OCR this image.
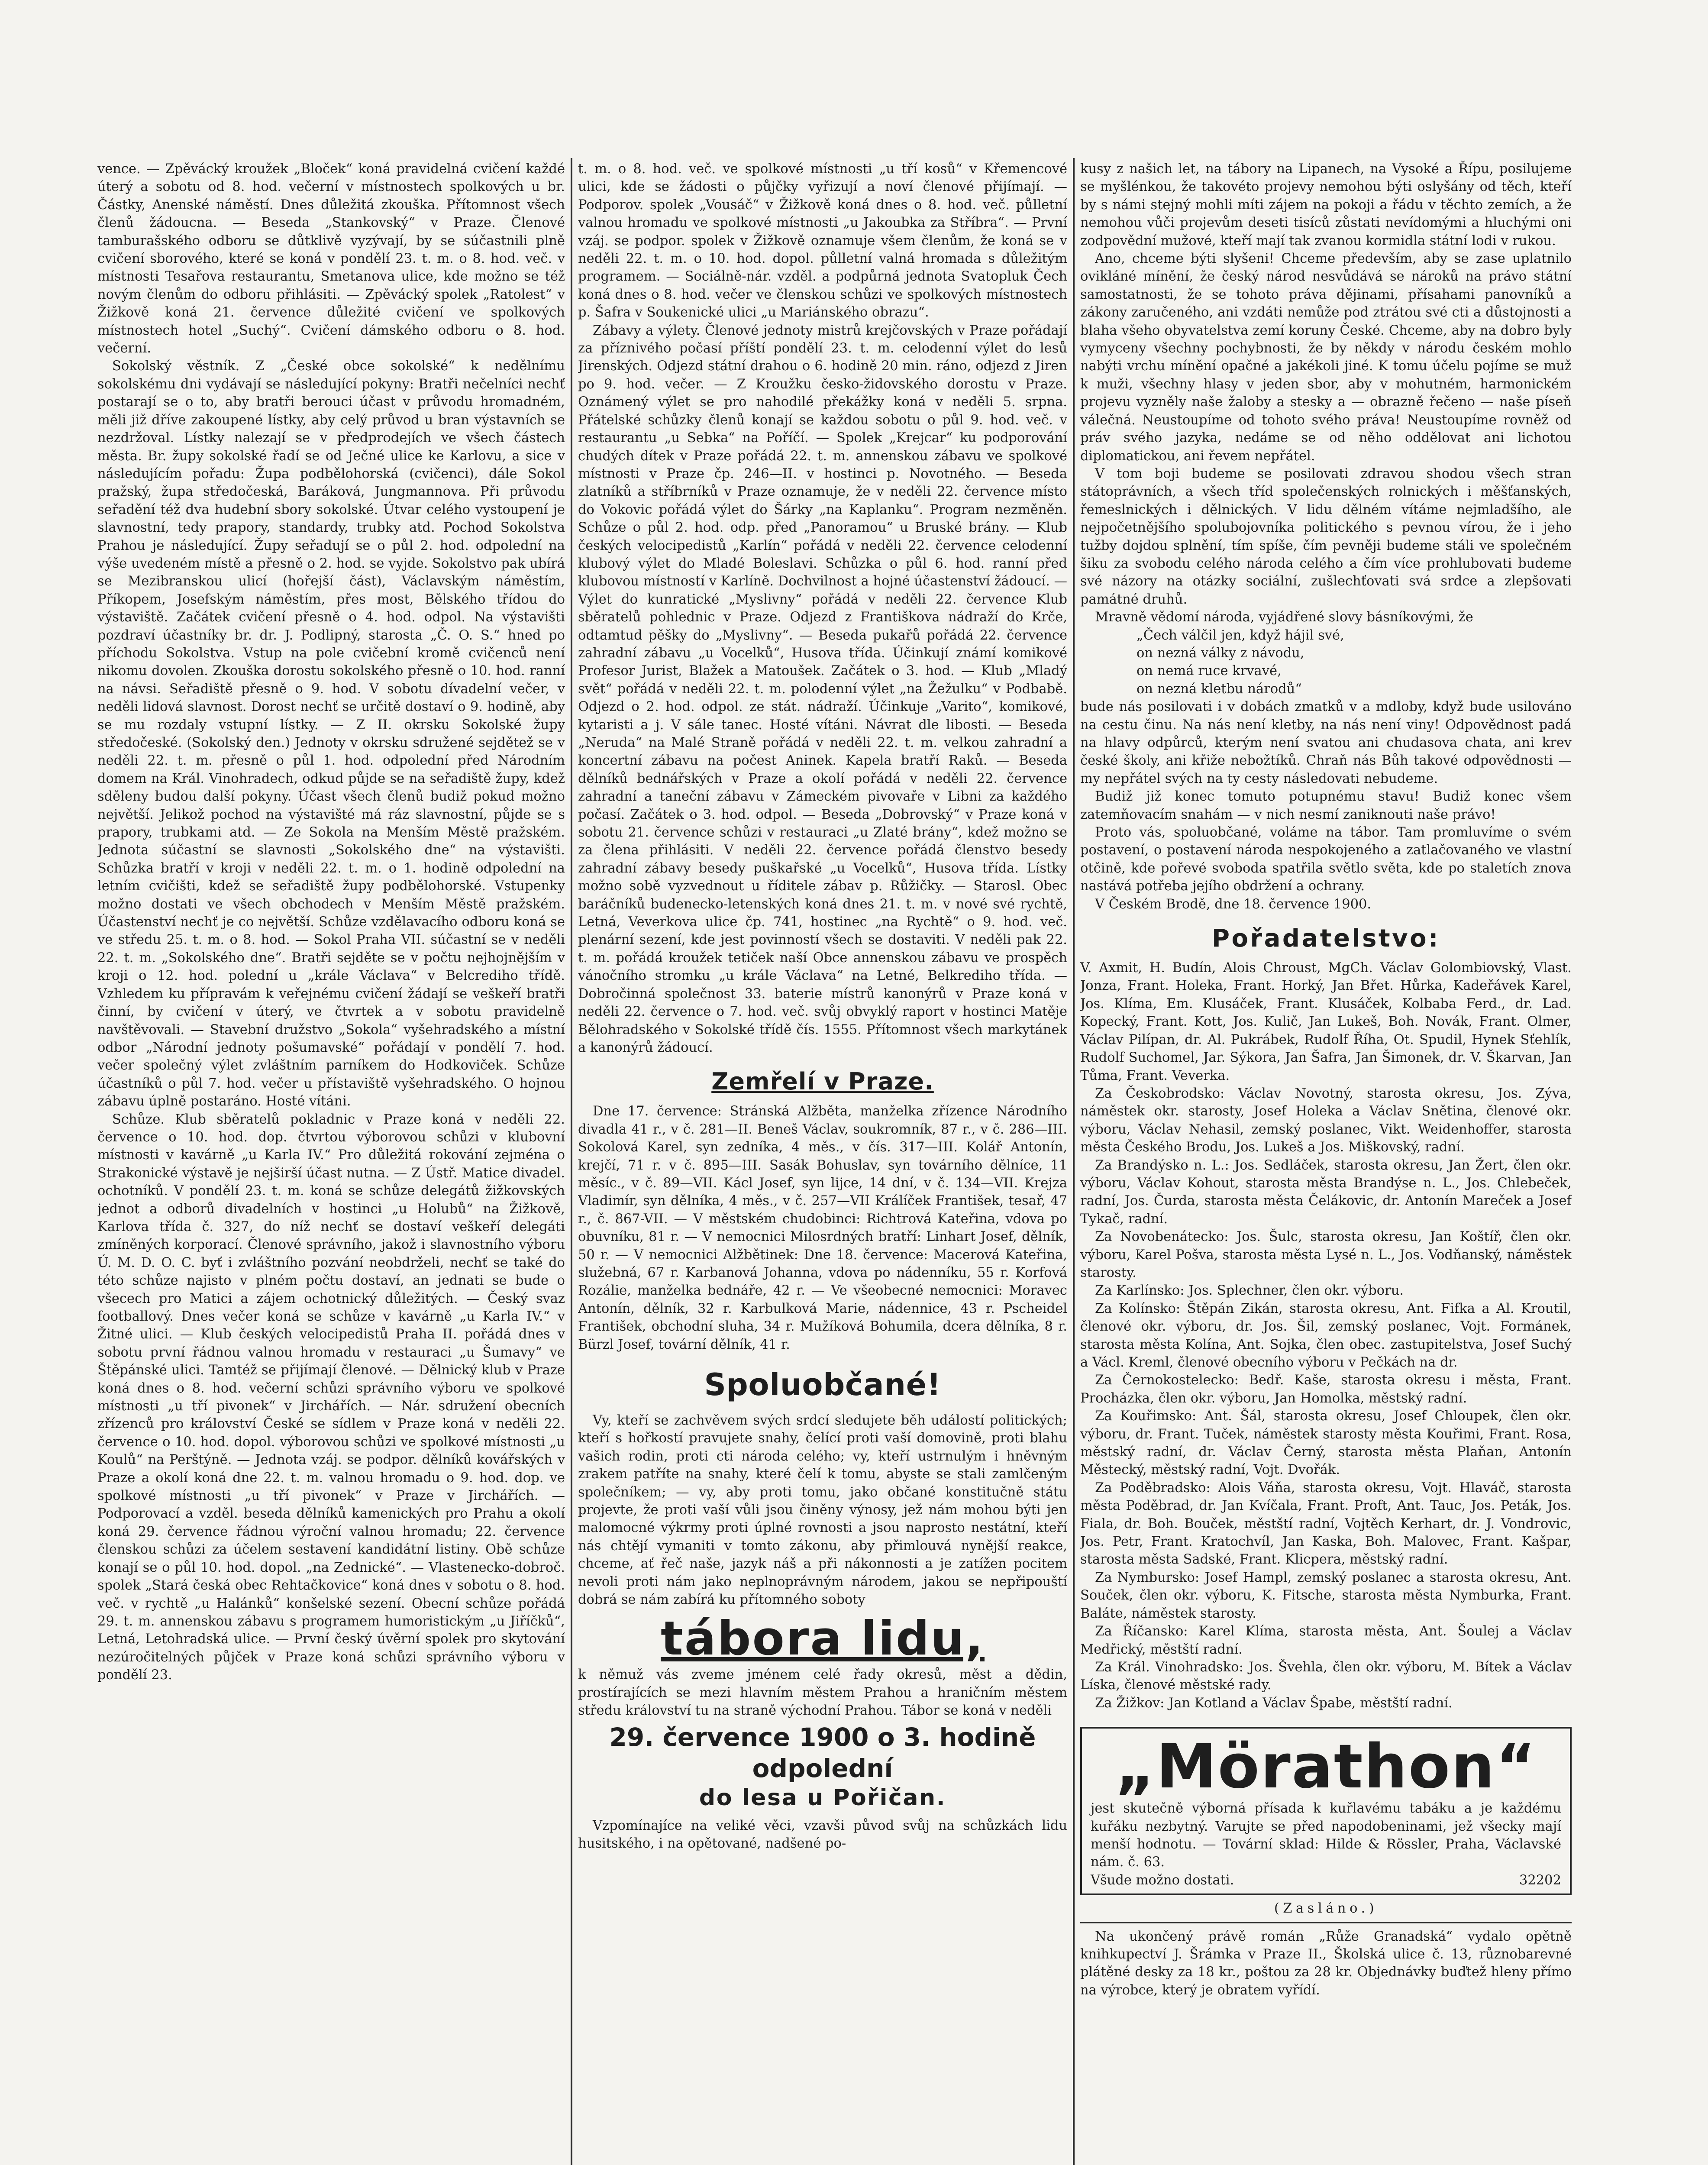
vence. — Zpěvácký kroužek „Bloček“ koná pravidelná cvičení každé úterý a sobotu od 8. hod. večerní v místnostech spolkových u br. Částky, Anenské náměstí. Dnes důležitá zkouška. Přítomnost všech členů žádoucna. — Beseda „Stankovský“ v Praze. Členové tamburašského odboru se důtklivě vyzývají, by se súčastnili plně cvičení sborového, které se koná v pondělí 23. t. m. o 8. hod. več. v místnosti Tesařova restaurantu, Smetanova ulice, kde možno se též novým členům do odboru přihlásiti. — Zpěvácký spolek „Ratolest“ v Žižkově koná 21. července důležité cvičení ve spolkových místnostech hotel „Suchý“. Cvičení dámského odboru o 8. hod. večerní.

Sokolský věstník. Z „České obce sokolské“ k nedělnímu sokolskému dni vydávají se následující pokyny: Bratři nečelníci nechť postarají se o to, aby bratři berouci účast v průvodu hromadném, měli již dříve zakoupené lístky, aby celý průvod u bran výstavních se nezdržoval. Lístky nalezají se v předprodejích ve všech částech města. Br. župy sokolské řadí se od Ječné ulice ke Karlovu, a sice v následujícím pořadu: Župa podbělohorská (cvičenci), dále Sokol pražský, župa středočeská, Baráková, Jungmannova. Při průvodu seřadění též dva hudební sbory sokolské. Útvar celého vystoupení je slavnostní, tedy prapory, standardy, trubky atd. Pochod Sokolstva Prahou je následující. Župy seřadují se o půl 2. hod. odpolední na výše uvedeném místě a přesně o 2. hod. se vyjde. Sokolstvo pak ubírá se Mezibranskou ulicí (hořejší část), Václavským náměstím, Příkopem, Josefským náměstím, přes most, Bělského třídou do výstaviště. Začátek cvičení přesně o 4. hod. odpol. Na výstavišti pozdraví účastníky br. dr. J. Podlipný, starosta „Č. O. S.“ hned po příchodu Sokolstva. Vstup na pole cvičební kromě cvičenců není nikomu dovolen. Zkouška dorostu sokolského přesně o 10. hod. ranní na návsi. Seřadiště přesně o 9. hod. V sobotu dívadelní večer, v neděli lidová slavnost. Dorost nechť se určitě dostaví o 9. hodině, aby se mu rozdaly vstupní lístky. — Z II. okrsku Sokolské župy středočeské. (Sokolský den.) Jednoty v okrsku sdružené sejdětež se v neděli 22. t. m. přesně o půl 1. hod. odpolední před Národním domem na Král. Vinohradech, odkud půjde se na seřadiště župy, kdež sděleny budou další pokyny. Účast všech členů budiž pokud možno největší. Jelikož pochod na výstavišté má ráz slavnostní, půjde se s prapory, trubkami atd. — Ze Sokola na Menším Městě pražském. Jednota súčastní se slavnosti „Sokolského dne“ na výstavišti. Schůzka bratří v kroji v neděli 22. t. m. o 1. hodině odpolední na letním cvičišti, kdež se seřadiště župy podbělohorské. Vstupenky možno dostati ve všech obchodech v Menším Městě pražském. Účastenství nechť je co největší. Schůze vzdělavacího odboru koná se ve středu 25. t. m. o 8. hod. — Sokol Praha VII. súčastní se v neděli 22. t. m. „Sokolského dne“. Bratři sejděte se v počtu nejhojnějším v kroji o 12. hod. polední u „krále Václava“ v Belcrediho třídě. Vzhledem ku přípravám k veřejnému cvičení žádají se veškeří bratři činní, by cvičení v úterý, ve čtvrtek a v sobotu pravidelně navštěvovali. — Stavební družstvo „Sokola“ vyšehradského a místní odbor „Národní jednoty pošumavské“ pořádají v pondělí 7. hod. večer společný výlet zvláštním parníkem do Hodkoviček. Schůze účastníků o půl 7. hod. večer u přístaviště vyšehradského. O hojnou zábavu úplně postaráno. Hosté vítáni.

Schůze. Klub sběratelů pokladnic v Praze koná v neděli 22. července o 10. hod. dop. čtvrtou výborovou schůzi v klubovní místnosti v kavárně „u Karla IV.“ Pro důležitá rokování zejména o Strakonické výstavě je nejširší účast nutna. — Z Ústř. Matice divadel. ochotníků. V pondělí 23. t. m. koná se schůze delegátů žižkovských jednot a odborů divadelních v hostinci „u Holubů“ na Žižkově, Karlova třída č. 327, do níž nechť se dostaví veškeří delegáti zmíněných korporací. Členové správního, jakož i slavnostního výboru Ú. M. D. O. C. byť i zvláštního pozvání neobdrželi, nechť se také do této schůze najisto v plném počtu dostaví, an jednati se bude o všecech pro Matici a zájem ochotnický důležitých. — Český svaz footballový. Dnes večer koná se schůze v kavárně „u Karla IV.“ v Žitné ulici. — Klub českých velocipedistů Praha II. pořádá dnes v sobotu první řádnou valnou hromadu v restauraci „u Šumavy“ ve Štěpánské ulici. Tamtéž se přijímají členové. — Dělnický klub v Praze koná dnes o 8. hod. večerní schůzi správního výboru ve spolkové místnosti „u tří pivonek“ v Jirchářích. — Nár. sdružení obecních zřízenců pro království České se sídlem v Praze koná v neděli 22. července o 10. hod. dopol. výborovou schůzi ve spolkové místnosti „u Koulů“ na Perštýně. — Jednota vzáj. se podpor. dělníků kovářských v Praze a okolí koná dne 22. t. m. valnou hromadu o 9. hod. dop. ve spolkové místnosti „u tří pivonek“ v Praze v Jirchářích. — Podporovací a vzděl. beseda dělníků kamenických pro Prahu a okolí koná 29. července řádnou výroční valnou hromadu; 22. července členskou schůzi za účelem sestavení kandidátní listiny. Obě schůze konají se o půl 10. hod. dopol. „na Zednické“. — Vlastenecko-dobroč. spolek „Stará česká obec Rehtačkovice“ koná dnes v sobotu o 8. hod. več. v rychtě „u Halánků“ konšelské sezení. Obecní schůze pořádá 29. t. m. annenskou zábavu s programem humoristickým „u Jiříčků“, Letná, Letohradská ulice. — První český úvěrní spolek pro skytování nezúročitelných půjček v Praze koná schůzi správního výboru v pondělí 23.

t. m. o 8. hod. več. ve spolkové místnosti „u tří kosů“ v Křemencové ulici, kde se žádosti o půjčky vyřizují a noví členové přijímají. — Podporov. spolek „Vousáč“ v Žižkově koná dnes o 8. hod. več. půlletní valnou hromadu ve spolkové místnosti „u Jakoubka za Stříbra“. — První vzáj. se podpor. spolek v Žižkově oznamuje všem členům, že koná se v neděli 22. t. m. o 10. hod. dopol. půlletní valná hromada s důležitým programem. — Sociálně-nár. vzděl. a podpůrná jednota Svatopluk Čech koná dnes o 8. hod. večer ve členskou schůzi ve spolkových místnostech p. Šafra v Soukenické ulici „u Mariánského obrazu“.

Zábavy a výlety. Členové jednoty mistrů krejčovských v Praze pořádají za příznivého počasí příští pondělí 23. t. m. celodenní výlet do lesů Jirenských. Odjezd státní drahou o 6. hodině 20 min. ráno, odjezd z Jiren po 9. hod. večer. — Z Kroužku česko-židovského dorostu v Praze. Oznámený výlet se pro nahodilé překážky koná v neděli 5. srpna. Přátelské schůzky členů konají se každou sobotu o půl 9. hod. več. v restaurantu „u Sebka“ na Poříčí. — Spolek „Krejcar“ ku podporování chudých dítek v Praze pořádá 22. t. m. annenskou zábavu ve spolkové místnosti v Praze čp. 246—II. v hostinci p. Novotného. — Beseda zlatníků a stříbrníků v Praze oznamuje, že v neděli 22. července místo do Vokovic pořádá výlet do Šárky „na Kaplanku“. Program nezměněn. Schůze o půl 2. hod. odp. před „Panoramou“ u Bruské brány. — Klub českých velocipedistů „Karlín“ pořádá v neděli 22. července celodenní klubový výlet do Mladé Boleslavi. Schůzka o půl 6. hod. ranní před klubovou místností v Karlíně. Dochvilnost a hojné účastenství žádoucí. — Výlet do kunratické „Myslivny“ pořádá v neděli 22. července Klub sběratelů pohlednic v Praze. Odjezd z Františkova nádraží do Krče, odtamtud pěšky do „Myslivny“. — Beseda pukařů pořádá 22. července zahradní zábavu „u Vocelků“, Husova třída. Účinkují známí komikové Profesor Jurist, Blažek a Matoušek. Začátek o 3. hod. — Klub „Mladý svět“ pořádá v neděli 22. t. m. polodenní výlet „na Žežulku“ v Podbabě. Odjezd o 2. hod. odpol. ze stát. nádraží. Účinkuje „Varito“, komikové, kytaristi a j. V sále tanec. Hosté vítáni. Návrat dle libosti. — Beseda „Neruda“ na Malé Straně pořádá v neděli 22. t. m. velkou zahradní a koncertní zábavu na počest Aninek. Kapela bratří Raků. — Beseda dělníků bednářských v Praze a okolí pořádá v neděli 22. července zahradní a taneční zábavu v Zámeckém pivovaře v Libni za každého počasí. Začátek o 3. hod. odpol. — Beseda „Dobrovský“ v Praze koná v sobotu 21. července schůzi v restauraci „u Zlaté brány“, kdež možno se za člena přihlásiti. V neděli 22. července pořádá členstvo besedy zahradní zábavy besedy puškařské „u Vocelků“, Husova třída. Lístky možno sobě vyzvednout u říditele zábav p. Růžičky. — Starosl. Obec baráčníků budenecko-letenských koná dnes 21. t. m. v nové své rychtě, Letná, Veverkova ulice čp. 741, hostinec „na Rychtě“ o 9. hod. več. plenární sezení, kde jest povinností všech se dostaviti. V neděli pak 22. t. m. pořádá kroužek tetiček naší Obce annenskou zábavu ve prospěch vánočního stromku „u krále Václava“ na Letné, Belkrediho třída. — Dobročinná společnost 33. baterie místrů kanonýrů v Praze koná v neděli 22. července o 7. hod. več. svůj obvyklý raport v hostinci Matěje Bělohradského v Sokolské třídě čís. 1555. Přítomnost všech markytánek a kanonýrů žádoucí.

Zemřelí v Praze.

Dne 17. července: Stránská Alžběta, manželka zřízence Národního divadla 41 r., v č. 281—II. Beneš Václav, soukromník, 87 r., v č. 286—III. Sokolová Karel, syn zedníka, 4 měs., v čís. 317—III. Kolář Antonín, krejčí, 71 r. v č. 895—III. Sasák Bohuslav, syn továrního dělníce, 11 měsíc., v č. 89—VII. Kácl Josef, syn lijce, 14 dní, v č. 134—VII. Krejza Vladimír, syn dělníka, 4 měs., v č. 257—VII Králíček František, tesař, 47 r., č. 867-VII. — V městském chudobinci: Richtrová Kateřina, vdova po obuvníku, 81 r. — V nemocnici Milosrdných bratří: Linhart Josef, dělník, 50 r. — V nemocnici Alžbětinek: Dne 18. července: Macerová Kateřina, služebná, 67 r. Karbanová Johanna, vdova po nádenníku, 55 r. Korfová Rozálie, manželka bednáře, 42 r. — Ve všeobecné nemocnici: Moravec Antonín, dělník, 32 r. Karbulková Marie, nádennice, 43 r. Pscheidel František, obchodní sluha, 34 r. Mužíková Bohumila, dcera dělníka, 8 r. Bürzl Josef, tovární dělník, 41 r.

Spoluobčané!

Vy, kteří se zachvěvem svých srdcí sledujete běh událostí politických; kteří s hořkostí pravujete snahy, čelící proti vaší domovině, proti blahu vašich rodin, proti cti národa celého; vy, kteří ustrnulým i hněvným zrakem patříte na snahy, které čelí k tomu, abyste se stali zamlčeným společníkem; — vy, aby proti tomu, jako občané konstitučně státu projevte, že proti vaší vůli jsou činěny výnosy, jež nám mohou býti jen malomocné výkrmy proti úplné rovnosti a jsou naprosto nestátní, kteří nás chtějí vymaniti v tomto zákonu, aby přimlouvá nynější reakce, chceme, ať řeč naše, jazyk náš a při nákonnosti a je zatížen pocitem nevoli proti nám jako neplnoprávným národem, jakou se nepřipouští dobrá se nám zabírá ku přítomného soboty

tábora lidu,

k němuž vás zveme jménem celé řady okresů, měst a dědin, prostírajících se mezi hlavním městem Prahou a hraničním městem středu království tu na straně východní Prahou. Tábor se koná v neděli

29. července 1900 o 3. hodině odpolední
do lesa u Pořičan.

Vzpomínajíce na veliké věci, vzavši původ svůj na schůzkách lidu husitského, i na opětované, nadšené po-

kusy z našich let, na tábory na Lipanech, na Vysoké a Řípu, posilujeme se myšlénkou, že takovéto projevy nemohou býti oslyšány od těch, kteří by s námi stejný mohli míti zájem na pokoji a řádu v těchto zemích, a že nemohou vůči projevům deseti tisíců zůstati nevídomými a hluchými oni zodpovědní mužové, kteří mají tak zvanou kormidla státní lodi v rukou.

Ano, chceme býti slyšeni! Chceme především, aby se zase uplatnilo ovikláné mínění, že český národ nesvůdává se nároků na právo státní samostatnosti, že se tohoto práva dějinami, přísahami panovníků a zákony zaručeného, ani vzdáti nemůže pod ztrátou své cti a důstojnosti a blaha všeho obyvatelstva zemí koruny České. Chceme, aby na dobro byly vymyceny všechny pochybnosti, že by někdy v národu českém mohlo nabýti vrchu mínění opačné a jakékoli jiné. K tomu účelu pojíme se muž k muži, všechny hlasy v jeden sbor, aby v mohutném, harmonickém projevu vyzněly naše žaloby a stesky a — obrazně řečeno — naše píseň válečná. Neustoupíme od tohoto svého práva! Neustoupíme rovněž od práv svého jazyka, nedáme se od něho oddělovat ani lichotou diplomatickou, ani řevem nepřátel.

V tom boji budeme se posilovati zdravou shodou všech stran státoprávních, a všech tříd společenských rolnických i měšťanských, řemeslnických i dělnických. V lidu dělném vítáme nejmladšího, ale nejpočetnějšího spolubojovníka politického s pevnou vírou, že i jeho tužby dojdou splnění, tím spíše, čím pevněji budeme stáli ve společném šiku za svobodu celého národa celého a čím více prohlubovati budeme své názory na otázky sociální, zušlechťovati svá srdce a zlepšovati památné druhů.

Mravně vědomí národa, vyjádřené slovy básníkovými, že

„Čech válčil jen, když hájil své,

on nezná války z návodu,

on nemá ruce krvavé,

on nezná kletbu národů“

bude nás posilovati i v dobách zmatků v a mdloby, když bude usilováno na cestu činu. Na nás není kletby, na nás není viny! Odpovědnost padá na hlavy odpůrců, kterým není svatou ani chudasova chata, ani krev české školy, ani křiže nebožtíků. Chraň nás Bůh takové odpovědnosti — my nepřátel svých na ty cesty následovati nebudeme.

Budiž již konec tomuto potupnému stavu! Budiž konec všem zatemňovacím snahám — v nich nesmí zaniknouti naše právo!

Proto vás, spoluobčané, voláme na tábor. Tam promluvíme o svém postavení, o postavení národa nespokojeného a zatlačovaného ve vlastní otčině, kde pořevé svoboda spatřila světlo světa, kde po staletích znova nastává potřeba jejího obdržení a ochrany.

V Českém Brodě, dne 18. července 1900.

Pořadatelstvo:

V. Axmit, H. Budín, Alois Chroust, MgCh. Václav Golombiovský, Vlast. Jonza, Frant. Holeka, Frant. Horký, Jan Břet. Hůrka, Kadeřávek Karel, Jos. Klíma, Em. Klusáček, Frant. Klusáček, Kolbaba Ferd., dr. Lad. Kopecký, Frant. Kott, Jos. Kulič, Jan Lukeš, Boh. Novák, Frant. Olmer, Václav Pilípan, dr. Al. Pukrábek, Rudolf Říha, Ot. Spudil, Hynek Sťehlík, Rudolf Suchomel, Jar. Sýkora, Jan Šafra, Jan Šimonek, dr. V. Škarvan, Jan Tůma, Frant. Veverka.

Za Českobrodsko: Václav Novotný, starosta okresu, Jos. Zýva, náměstek okr. starosty, Josef Holeka a Václav Snětina, členové okr. výboru, Václav Nehasil, zemský poslanec, Vikt. Weidenhoffer, starosta města Českého Brodu, Jos. Lukeš a Jos. Miškovský, radní.

Za Brandýsko n. L.: Jos. Sedláček, starosta okresu, Jan Žert, člen okr. výboru, Václav Kohout, starosta města Brandýse n. L., Jos. Chlebeček, radní, Jos. Čurda, starosta města Čelákovic, dr. Antonín Mareček a Josef Tykač, radní.

Za Novobenátecko: Jos. Šulc, starosta okresu, Jan Koštíř, člen okr. výboru, Karel Pošva, starosta města Lysé n. L., Jos. Vodňanský, náměstek starosty.

Za Karlínsko: Jos. Splechner, člen okr. výboru.

Za Kolínsko: Štěpán Zikán, starosta okresu, Ant. Fifka a Al. Kroutil, členové okr. výboru, dr. Jos. Šil, zemský poslanec, Vojt. Formánek, starosta města Kolína, Ant. Sojka, člen obec. zastupitelstva, Josef Suchý a Václ. Kreml, členové obecního výboru v Pečkách na dr.

Za Černokostelecko: Bedř. Kaše, starosta okresu i města, Frant. Procházka, člen okr. výboru, Jan Homolka, městský radní.

Za Kouřimsko: Ant. Šál, starosta okresu, Josef Chloupek, člen okr. výboru, dr. Frant. Tuček, náměstek starosty města Kouřimi, Frant. Rosa, městský radní, dr. Václav Černý, starosta města Plaňan, Antonín Městecký, městský radní, Vojt. Dvořák.

Za Poděbradsko: Alois Váňa, starosta okresu, Vojt. Hlaváč, starosta města Poděbrad, dr. Jan Kvíčala, Frant. Proft, Ant. Tauc, Jos. Peták, Jos. Fiala, dr. Boh. Bouček, městští radní, Vojtěch Kerhart, dr. J. Vondrovic, Jos. Petr, Frant. Kratochvíl, Jan Kaska, Boh. Malovec, Frant. Kašpar, starosta města Sadské, Frant. Klicpera, městský radní.

Za Nymbursko: Josef Hampl, zemský poslanec a starosta okresu, Ant. Souček, člen okr. výboru, K. Fitsche, starosta města Nymburka, Frant. Baláte, náměstek starosty.

Za Říčansko: Karel Klíma, starosta města, Ant. Šoulej a Václav Medřický, městští radní.

Za Král. Vinohradsko: Jos. Švehla, člen okr. výboru, M. Bítek a Václav Líska, členové městské rady.

Za Žižkov: Jan Kotland a Václav Špabe, městští radní.

„Mörathon“

jest skutečně výborná přísada k kuřlavému tabáku a je každému kuřáku nezbytný. Varujte se před napodobeninami, jež všecky mají menší hodnotu. — Tovární sklad: Hilde & Rössler, Praha, Václavské nám. č. 63.

Všude možno dostati.	32202

(Zasláno.)

Na ukončený právě román „Růže Granadská“ vydalo opětně knihkupectví J. Šrámka v Praze II., Školská ulice č. 13, různobarevné plátěné desky za 18 kr., poštou za 28 kr. Objednávky buďtež hleny přímo na výrobce, který je obratem vyřídí.
